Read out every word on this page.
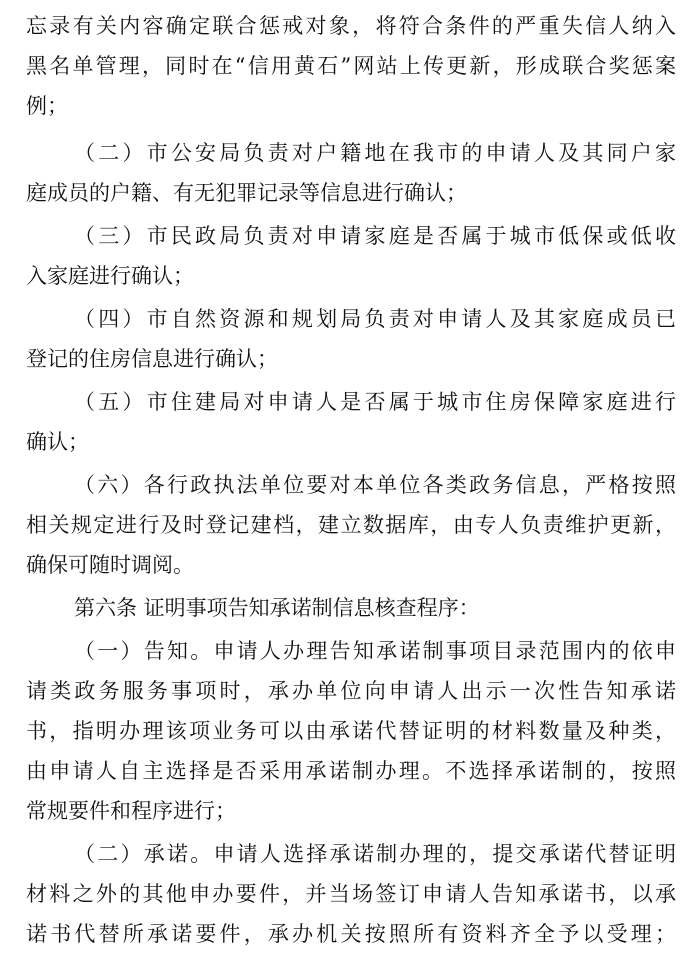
忘录有关内容确定联合惩戒对象，将符合条件的严重失信人纳入
黑名单管理，同时在“信用黄石”网站上传更新，形成联合奖惩案
例；
（二）市公安局负责对户籍地在我市的申请人及其同户家
庭成员的户籍、有无犯罪记录等信息进行确认；
（三）市民政局负责对申请家庭是否属于城市低保或低收
入家庭进行确认；
（四）市自然资源和规划局负责对申请人及其家庭成员已
登记的住房信息进行确认；
（五）市住建局对申请人是否属于城市住房保障家庭进行
确认；
（六）各行政执法单位要对本单位各类政务信息，严格按照
相关规定进行及时登记建档，建立数据库，由专人负责维护更新，
确保可随时调阅。
第六条 证明事项告知承诺制信息核查程序：
（一）告知。申请人办理告知承诺制事项目录范围内的依申
请类政务服务事项时，承办单位向申请人出示一次性告知承诺
书，指明办理该项业务可以由承诺代替证明的材料数量及种类，
由申请人自主选择是否采用承诺制办理。不选择承诺制的，按照
常规要件和程序进行；
（二）承诺。申请人选择承诺制办理的，提交承诺代替证明
材料之外的其他申办要件，并当场签订申请人告知承诺书，以承
诺书代替所承诺要件，承办机关按照所有资料齐全予以受理；
